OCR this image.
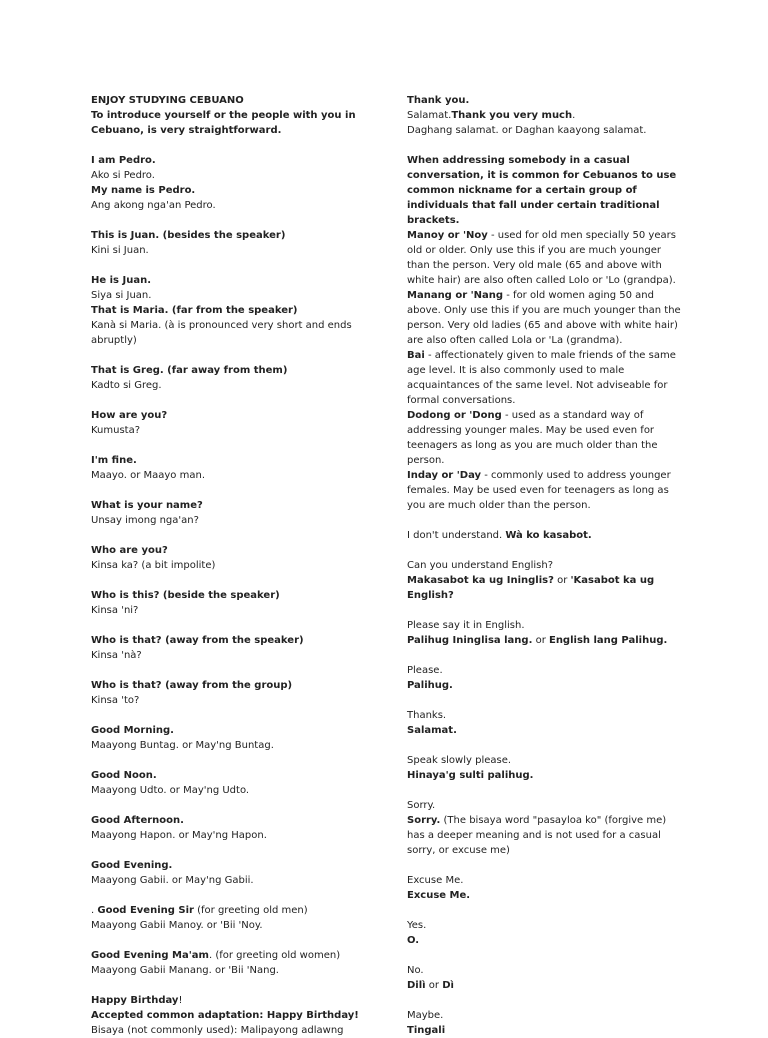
ENJOY STUDYING CEBUANO

To introduce yourself or the people with you in Cebuano, is very straightforward.

I am Pedro.

Ako si Pedro.

My name is Pedro.

Ang akong nga'an Pedro.

This is Juan. (besides the speaker)

Kini si Juan.

He is Juan.

Siya si Juan.

That is Maria. (far from the speaker)

Kanà si Maria. (à is pronounced very short and ends abruptly)

That is Greg. (far away from them)

Kadto si Greg.

How are you?

Kumusta?

I'm fine.

Maayo. or Maayo man.

What is your name?

Unsay imong nga'an?

Who are you?

Kinsa ka? (a bit impolite)

Who is this? (beside the speaker)

Kinsa 'ni?

Who is that? (away from the speaker)

Kinsa 'nà?

Who is that? (away from the group)

Kinsa 'to?

Good Morning.

Maayong Buntag. or May'ng Buntag.

Good Noon.

Maayong Udto. or May'ng Udto.

Good Afternoon.

Maayong Hapon. or May'ng Hapon.

Good Evening.

Maayong Gabii. or May'ng Gabii.

. Good Evening Sir (for greeting old men)

Maayong Gabii Manoy. or 'Bii 'Noy.

Good Evening Ma'am. (for greeting old women)

Maayong Gabii Manang. or 'Bii 'Nang.

Happy Birthday!

Accepted common adaptation: Happy Birthday!

Bisaya (not commonly used): Malipayong adlawng

Thank you.

Salamat.Thank you very much.

Daghang salamat. or Daghan kaayong salamat.

When addressing somebody in a casual conversation, it is common for Cebuanos to use common nickname for a certain group of individuals that fall under certain traditional brackets.

Manoy or 'Noy - used for old men specially 50 years old or older. Only use this if you are much younger than the person. Very old male (65 and above with white hair) are also often called Lolo or 'Lo (grandpa).

Manang or 'Nang - for old women aging 50 and above. Only use this if you are much younger than the person. Very old ladies (65 and above with white hair) are also often called Lola or 'La (grandma).

Bai - affectionately given to male friends of the same age level. It is also commonly used to male acquaintances of the same level. Not adviseable for formal conversations.

Dodong or 'Dong - used as a standard way of addressing younger males. May be used even for teenagers as long as you are much older than the person.

Inday or 'Day - commonly used to address younger females. May be used even for teenagers as long as you are much older than the person.

I don't understand. Wà ko kasabot.

Can you understand English?

Makasabot ka ug Ininglis? or 'Kasabot ka ug English?

Please say it in English.

Palihug Ininglisa lang. or English lang Palihug.

Please.

Palihug.

Thanks.

Salamat.

Speak slowly please.

Hinaya'g sulti palihug.

Sorry.

Sorry. (The bisaya word "pasayloa ko" (forgive me) has a deeper meaning and is not used for a casual sorry, or excuse me)

Excuse Me.

Excuse Me.

Yes.

O.

No.

Dilì or Dì

Maybe.

Tingali
